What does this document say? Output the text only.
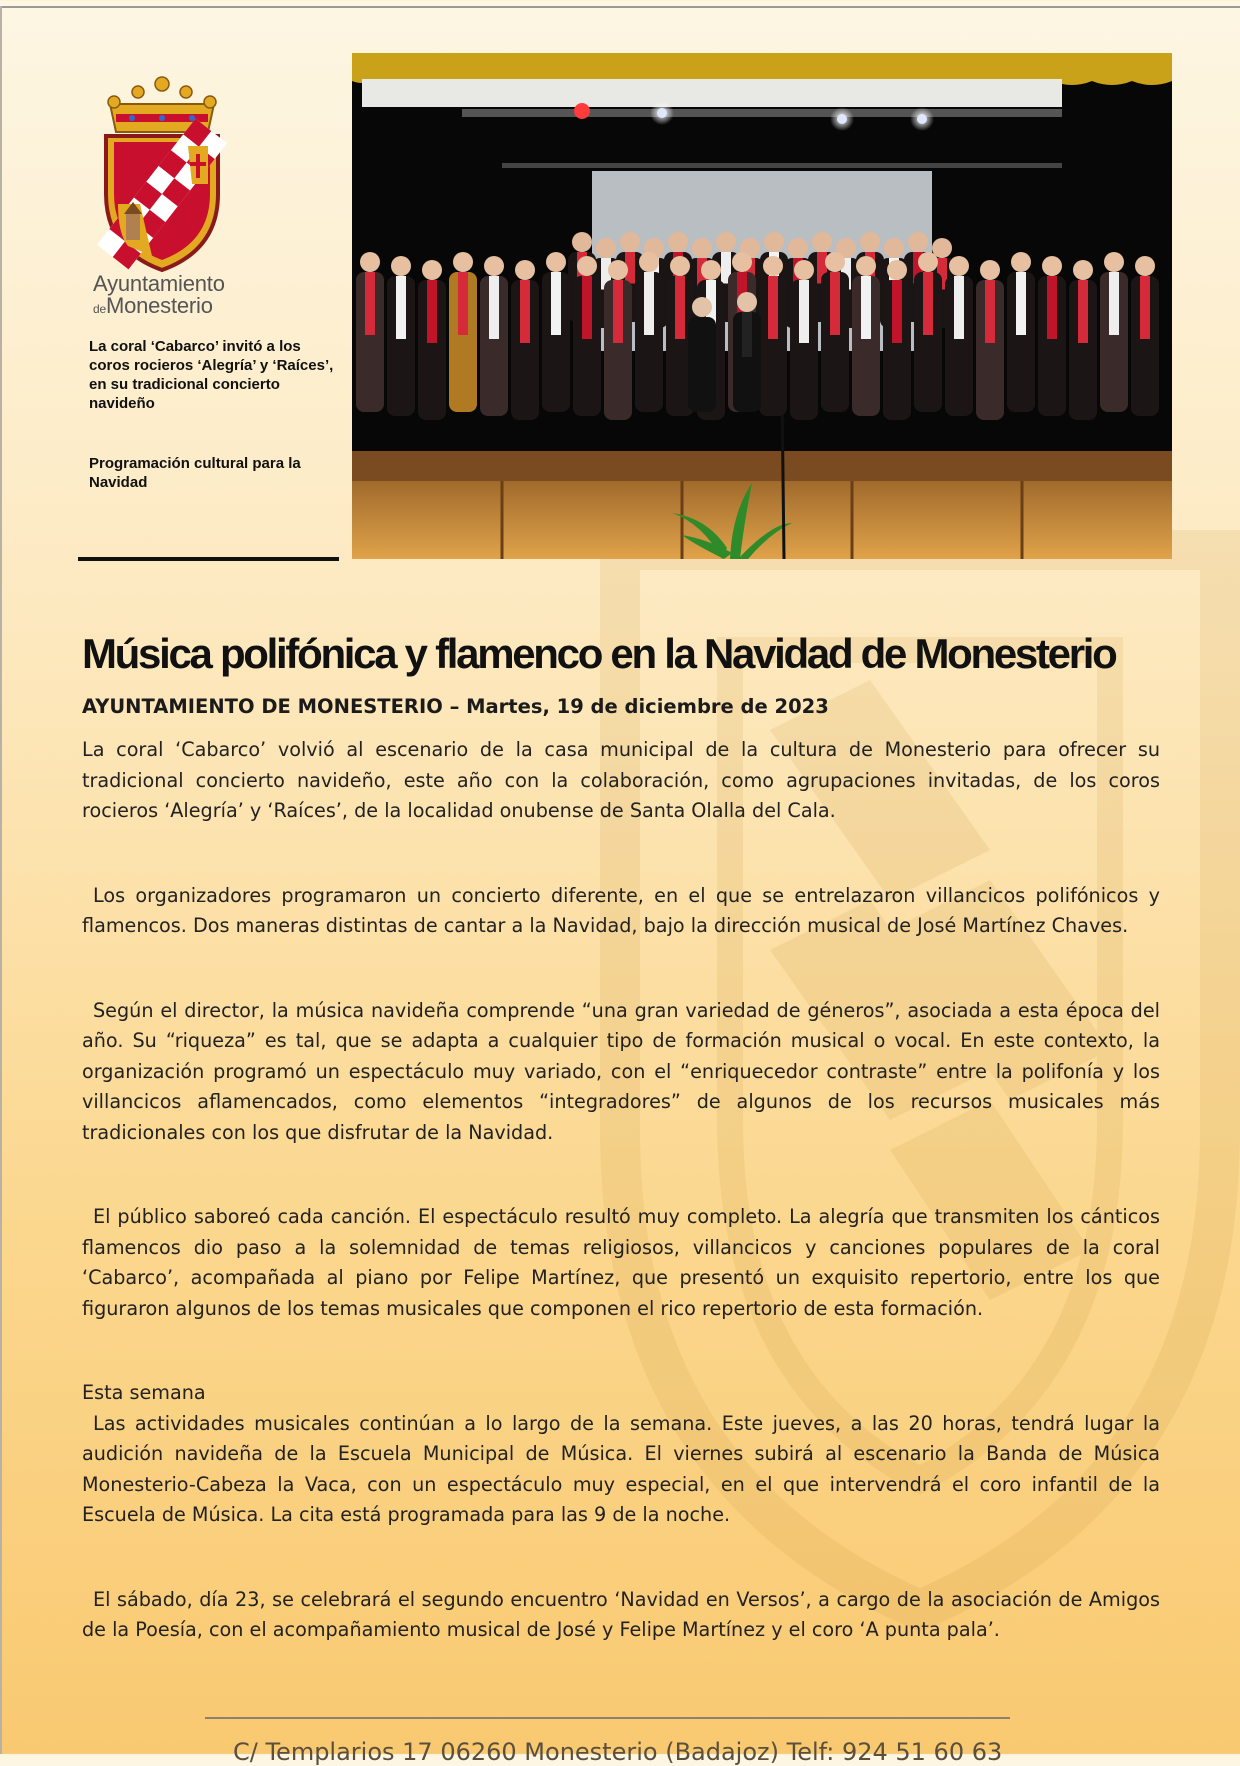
Ayuntamiento
deMonesterio
La coral ‘Cabarco’ invitó a los coros rocieros ‘Alegría’ y ‘Raíces’, en su tradicional concierto navideño
Programación cultural para la Navidad
Música polifónica y flamenco en la Navidad de Monesterio
AYUNTAMIENTO DE MONESTERIO – Martes, 19 de diciembre de 2023

La coral ‘Cabarco’ volvió al escenario de la casa municipal de la cultura de Monesterio para ofrecer su tradicional concierto navideño, este año con la colaboración, como agrupaciones invitadas, de los coros rocieros ‘Alegría’ y ‘Raíces’, de la localidad onubense de Santa Olalla del Cala.

Los organizadores programaron un concierto diferente, en el que se entrelazaron villancicos polifónicos y flamencos. Dos maneras distintas de cantar a la Navidad, bajo la dirección musical de José Martínez Chaves.

Según el director, la música navideña comprende “una gran variedad de géneros”, asociada a esta época del año. Su “riqueza” es tal, que se adapta a cualquier tipo de formación musical o vocal. En este contexto, la organización programó un espectáculo muy variado, con el “enriquecedor contraste” entre la polifonía y los villancicos aflamencados, como elementos “integradores” de algunos de los recursos musicales más tradicionales con los que disfrutar de la Navidad.

El público saboreó cada canción. El espectáculo resultó muy completo. La alegría que transmiten los cánticos flamencos dio paso a la solemnidad de temas religiosos, villancicos y canciones populares de la coral ‘Cabarco’, acompañada al piano por Felipe Martínez, que presentó un exquisito repertorio, entre los que figuraron algunos de los temas musicales que componen el rico repertorio de esta formación.

Esta semana

Las actividades musicales continúan a lo largo de la semana. Este jueves, a las 20 horas, tendrá lugar la audición navideña de la Escuela Municipal de Música. El viernes subirá al escenario la Banda de Música Monesterio-Cabeza la Vaca, con un espectáculo muy especial, en el que intervendrá el coro infantil de la Escuela de Música. La cita está programada para las 9 de la noche.

El sábado, día 23, se celebrará el segundo encuentro ‘Navidad en Versos’, a cargo de la asociación de Amigos de la Poesía, con el acompañamiento musical de José y Felipe Martínez y el coro ‘A punta pala’.

C/ Templarios 17 06260 Monesterio (Badajoz) Telf: 924 51 60 63
